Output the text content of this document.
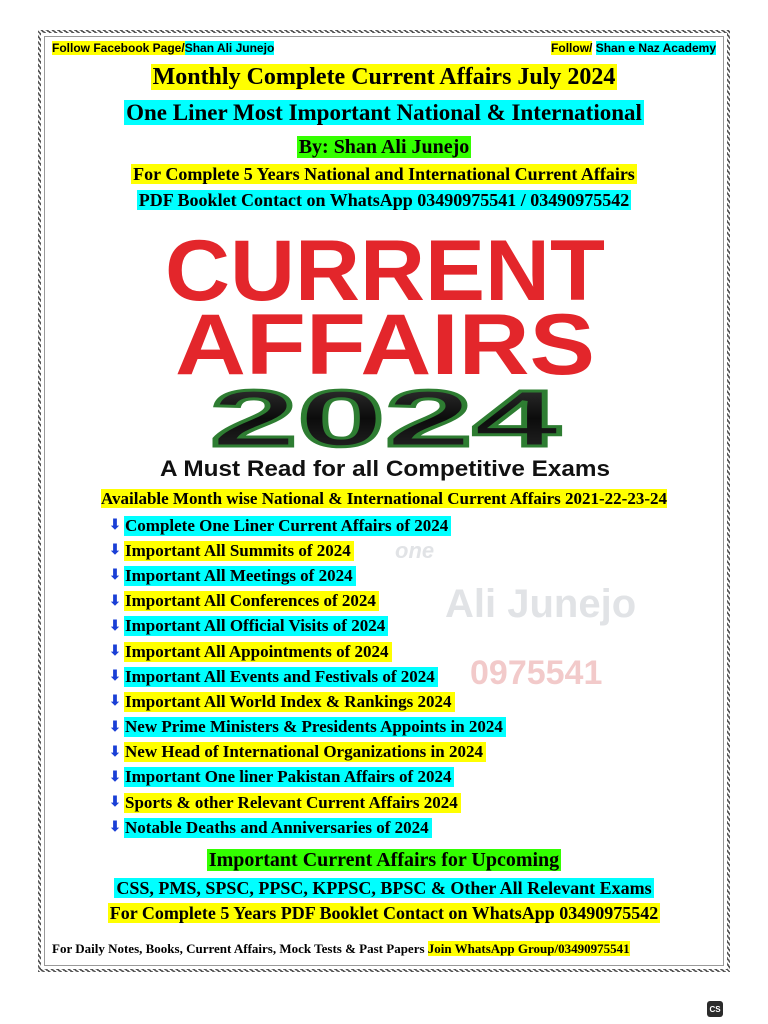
Follow Facebook Page/Shan Ali Junejo	Follow/ Shan e Naz Academy
Monthly Complete Current Affairs July 2024
One Liner Most Important National & International
By: Shan Ali Junejo
For Complete 5 Years National and International Current Affairs
PDF Booklet Contact on WhatsApp 03490975541 / 03490975542
CURRENT
AFFAIRS
2024
A Must Read for all Competitive Exams
one
Ali Junejo
0975541
Available Month wise National & International Current Affairs 2021-22-23-24
⬇ Complete One Liner Current Affairs of 2024
⬇ Important All Summits of 2024
⬇ Important All Meetings of 2024
⬇ Important All Conferences of 2024
⬇ Important All Official Visits of 2024
⬇ Important All Appointments of 2024
⬇ Important All Events and Festivals of 2024
⬇ Important All World Index & Rankings 2024
⬇ New Prime Ministers & Presidents Appoints in 2024
⬇ New Head of International Organizations in 2024
⬇ Important One liner Pakistan Affairs of 2024
⬇ Sports & other Relevant Current Affairs 2024
⬇ Notable Deaths and Anniversaries of 2024
Important Current Affairs for Upcoming
CSS, PMS, SPSC, PPSC, KPPSC, BPSC & Other All Relevant Exams
For Complete 5 Years PDF Booklet Contact on WhatsApp 03490975542
For Daily Notes, Books, Current Affairs, Mock Tests & Past Papers Join WhatsApp Group/03490975541
CS
